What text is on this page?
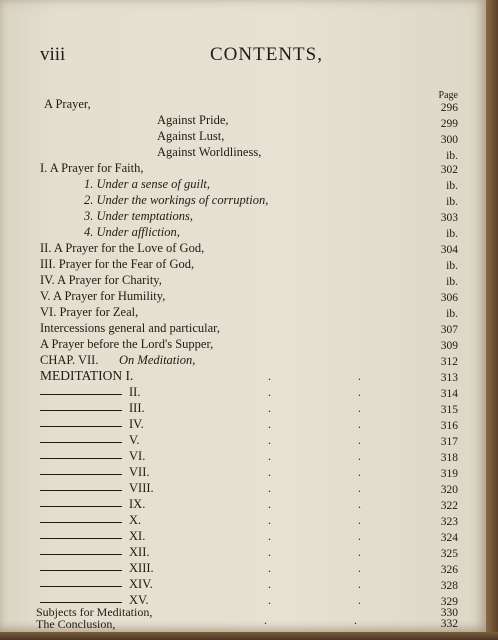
viii	CONTENTS,
Page
A Prayer,	296
Against Pride,	299
Against Lust,	300
Against Worldliness,	ib.
I. A Prayer for Faith,	302
1. Under a sense of guilt,	ib.
2. Under the workings of corruption,	ib.
3. Under temptations,	303
4. Under affliction,	ib.
II. A Prayer for the Love of God,	304
III. Prayer for the Fear of God,	ib.
IV. A Prayer for Charity,	ib.
V. A Prayer for Humility,	306
VI. Prayer for Zeal,	ib.
Intercessions general and particular,	307
A Prayer before the Lord's Supper,	309
CHAP. VII. On Meditation,	312
MEDITATION I.	.	.	313
II.	.	.	314
III.	.	.	315
IV.	.	.	316
V.	.	.	317
VI.	.	.	318
VII.	.	.	319
VIII.	.	.	320
IX.	.	.	322
X.	.	.	323
XI.	.	.	324
XII.	.	.	325
XIII.	.	.	326
XIV.	.	.	328
XV.	.	.	329
Subjects for Meditation,	330
The Conclusion,	.	.	332
